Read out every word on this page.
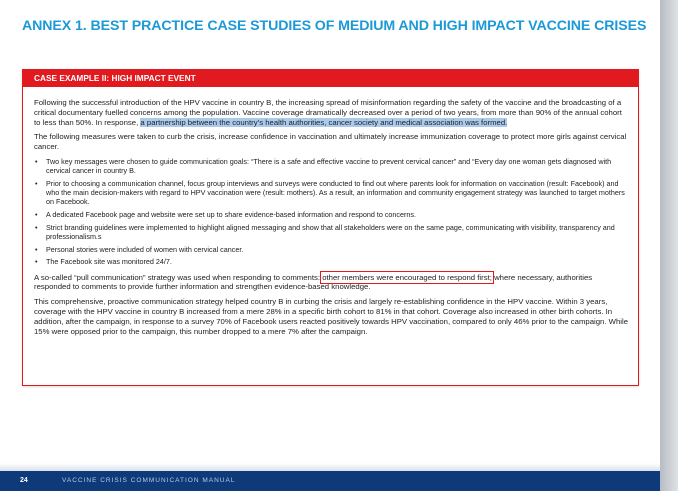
ANNEX 1. BEST PRACTICE CASE STUDIES OF MEDIUM AND HIGH IMPACT VACCINE CRISES
CASE EXAMPLE II: HIGH IMPACT EVENT

Following the successful introduction of the HPV vaccine in country B, the increasing spread of misinformation regarding the safety of the vaccine and the broadcasting of a critical documentary fuelled concerns among the population. Vaccine coverage dramatically decreased over a period of two years, from more than 90% of the annual cohort to less than 50%. In response, a partnership between the country’s health authorities, cancer society and medical association was formed.

The following measures were taken to curb the crisis, increase confidence in vaccination and ultimately increase immunization coverage to protect more girls against cervical cancer.

• Two key messages were chosen to guide communication goals: “There is a safe and effective vaccine to prevent cervical cancer” and “Every day one woman gets diagnosed with cervical cancer in country B.
• Prior to choosing a communication channel, focus group interviews and surveys were conducted to find out where parents look for information on vaccination (result: Facebook) and who the main decision-makers with regard to HPV vaccination were (result: mothers). As a result, an information and community engagement strategy was launched to target mothers on Facebook.
• A dedicated Facebook page and website were set up to share evidence-based information and respond to concerns.
• Strict branding guidelines were implemented to highlight aligned messaging and show that all stakeholders were on the same page, communicating with visibility, transparency and professionalism.s
• Personal stories were included of women with cervical cancer.
• The Facebook site was monitored 24/7.

A so-called “pull communication” strategy was used when responding to comments: other members were encouraged to respond first; where necessary, authorities responded to comments to provide further information and strengthen evidence-based knowledge.

This comprehensive, proactive communication strategy helped country B in curbing the crisis and largely re-establishing confidence in the HPV vaccine. Within 3 years, coverage with the HPV vaccine in country B increased from a mere 28% in a specific birth cohort to 81% in that cohort. Coverage also increased in other birth cohorts. In addition, after the campaign, in response to a survey 70% of Facebook users reacted positively towards HPV vaccination, compared to only 46% prior to the campaign. While 15% were opposed prior to the campaign, this number dropped to a mere 7% after the campaign.

24	VACCINE CRISIS COMMUNICATION MANUAL
